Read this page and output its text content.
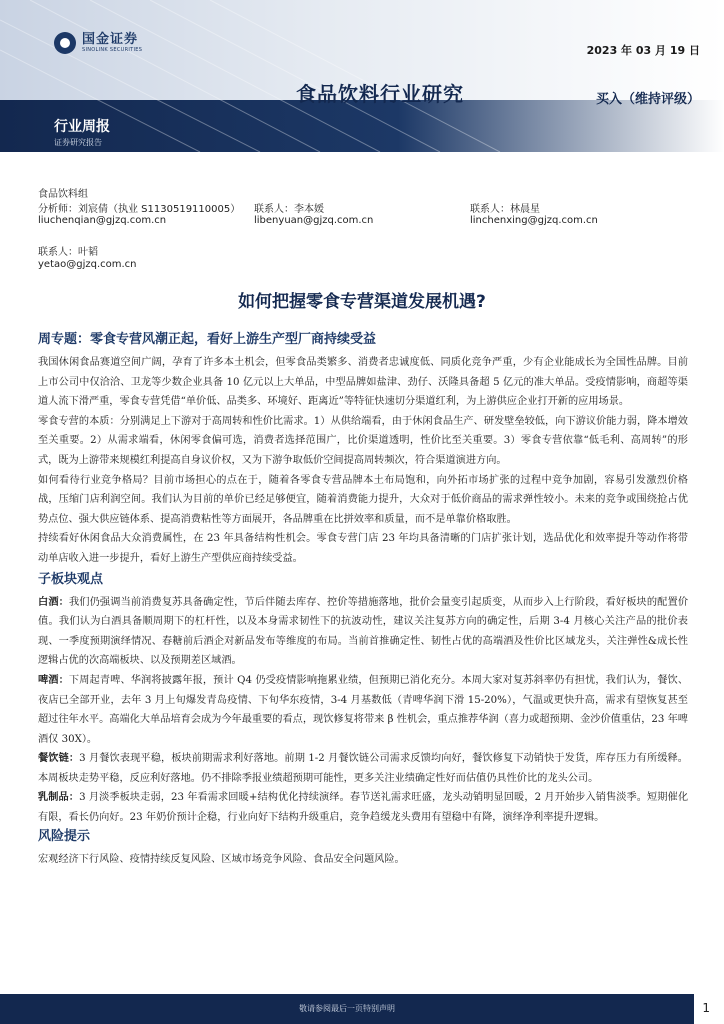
国金证券
SINOLINK SECURITIES	2023 年 03 月 19 日
食品饮料行业研究	买入（维持评级）
行业周报
证券研究报告
食品饮料组
分析师：刘宸倩（执业 S1130519110005）
liuchenqian@gjzq.com.cn
联系人：李本媛
libenyuan@gjzq.com.cn
联系人：林晨星
linchenxing@gjzq.com.cn
联系人：叶韬
yetao@gjzq.com.cn
如何把握零食专营渠道发展机遇?
周专题：零食专营风潮正起，看好上游生产型厂商持续受益

我国休闲食品赛道空间广阔，孕育了许多本土机会，但零食品类繁多、消费者忠诚度低、同质化竞争严重，少有企业能成长为全国性品牌。目前上市公司中仅洽洽、卫龙等少数企业具备 10 亿元以上大单品，中型品牌如盐津、劲仔、沃隆具备超 5 亿元的准大单品。受疫情影响，商超等渠道人流下滑严重，零食专营凭借“单价低、品类多、环境好、距离近”等特征快速切分渠道红利，为上游供应企业打开新的应用场景。

零食专营的本质：分别满足上下游对于高周转和性价比需求。1）从供给端看，由于休闲食品生产、研发壁垒较低，向下游议价能力弱，降本增效至关重要。2）从需求端看，休闲零食偏可选，消费者选择范围广，比价渠道透明，性价比至关重要。3）零食专营依靠“低毛利、高周转”的形式，既为上游带来规模红利提高自身议价权，又为下游争取低价空间提高周转频次，符合渠道演进方向。

如何看待行业竞争格局？目前市场担心的点在于，随着各零食专营品牌本土布局饱和，向外拓市场扩张的过程中竞争加剧，容易引发激烈价格战，压缩门店利润空间。我们认为目前的单价已经足够便宜，随着消费能力提升，大众对于低价商品的需求弹性较小。未来的竞争或围绕抢占优势点位、强大供应链体系、提高消费粘性等方面展开，各品牌重在比拼效率和质量，而不是单靠价格取胜。

持续看好休闲食品大众消费属性，在 23 年具备结构性机会。零食专营门店 23 年均具备清晰的门店扩张计划，选品优化和效率提升等动作将带动单店收入进一步提升，看好上游生产型供应商持续受益。

子板块观点

白酒：我们仍强调当前消费复苏具备确定性，节后伴随去库存、控价等措施落地，批价会量变引起质变，从而步入上行阶段，看好板块的配置价值。我们认为白酒具备顺周期下的杠杆性，以及本身需求韧性下的抗波动性，建议关注复苏方向的确定性，后期 3-4 月核心关注产品的批价表现、一季度预期演绎情况、春糖前后酒企对新品发布等维度的布局。当前首推确定性、韧性占优的高端酒及性价比区域龙头，关注弹性&成长性逻辑占优的次高端板块、以及预期差区域酒。

啤酒：下周起青啤、华润将披露年报，预计 Q4 仍受疫情影响拖累业绩，但预期已消化充分。本周大家对复苏斜率仍有担忧，我们认为，餐饮、夜店已全部开业，去年 3 月上旬爆发青岛疫情、下旬华东疫情，3-4 月基数低（青啤华润下滑 15-20%），气温或更快升高，需求有望恢复甚至超过往年水平。高端化大单品培育会成为今年最重要的看点，现饮修复将带来 β 性机会，重点推荐华润（喜力或超预期、金沙价值重估，23 年啤酒仅 30X）。

餐饮链：3 月餐饮表现平稳，板块前期需求利好落地。前期 1-2 月餐饮链公司需求反馈均向好，餐饮修复下动销快于发货，库存压力有所缓释。本周板块走势平稳，反应利好落地。仍不排除季报业绩超预期可能性，更多关注业绩确定性好而估值仍具性价比的龙头公司。

乳制品：3 月淡季板块走弱，23 年看需求回暖+结构优化持续演绎。春节送礼需求旺盛，龙头动销明显回暖，2 月开始步入销售淡季。短期催化有限，看长仍向好。23 年奶价预计企稳，行业向好下结构升级重启，竞争趋缓龙头费用有望稳中有降，演绎净利率提升逻辑。

风险提示

宏观经济下行风险、疫情持续反复风险、区域市场竞争风险、食品安全问题风险。

敬请参阅最后一页特别声明	1
